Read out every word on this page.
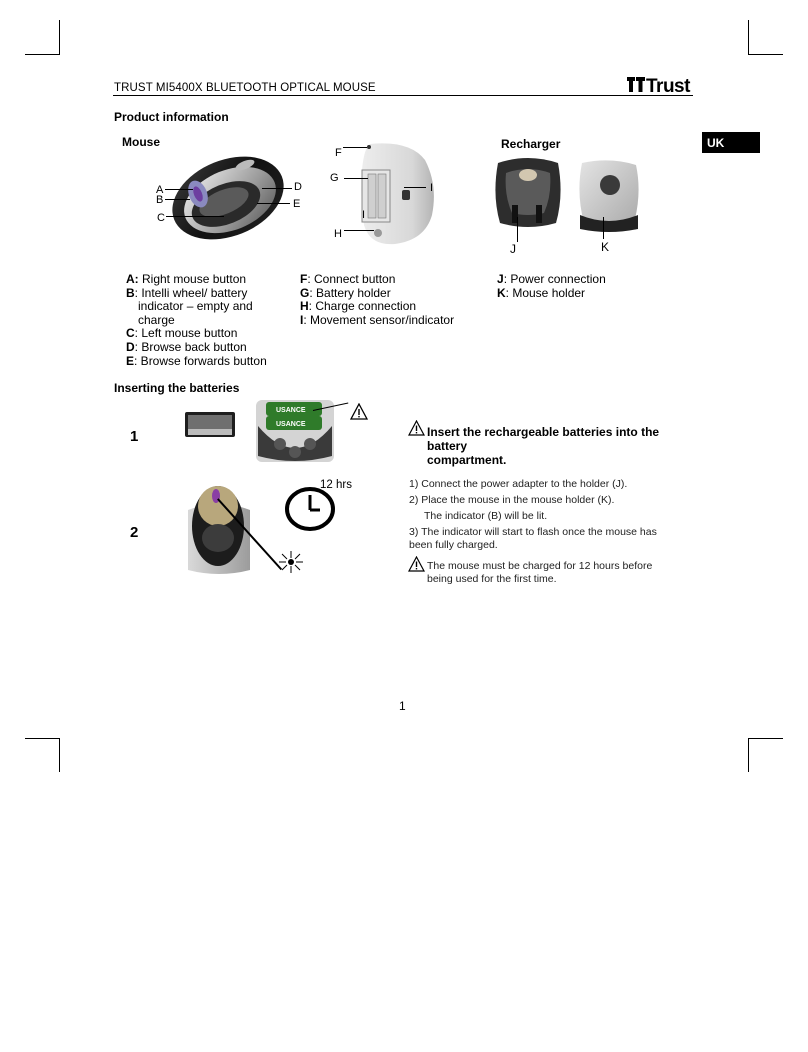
TRUST MI5400X BLUETOOTH OPTICAL MOUSE	Trust
UK
Product information
Mouse	Recharger
A
B
C
D
E
F
G
I
I
H
J	K
A: Right mouse button
B: Intelli wheel/ battery
indicator – empty and
charge
C: Left mouse button
D: Browse back button
E: Browse forwards button
F: Connect button
G: Battery holder
H: Charge connection
I: Movement sensor/indicator
J: Power connection
K: Mouse holder
Inserting the batteries
1
USANCE
USANCE
Insert the rechargeable batteries into the battery
compartment.
2
12 hrs	1) Connect the power adapter to the holder (J).
2) Place the mouse in the mouse holder (K).
The indicator (B) will be lit.
3) The indicator will start to flash once the mouse has
been fully charged.
The mouse must be charged for 12 hours before
being used for the first time.
1
